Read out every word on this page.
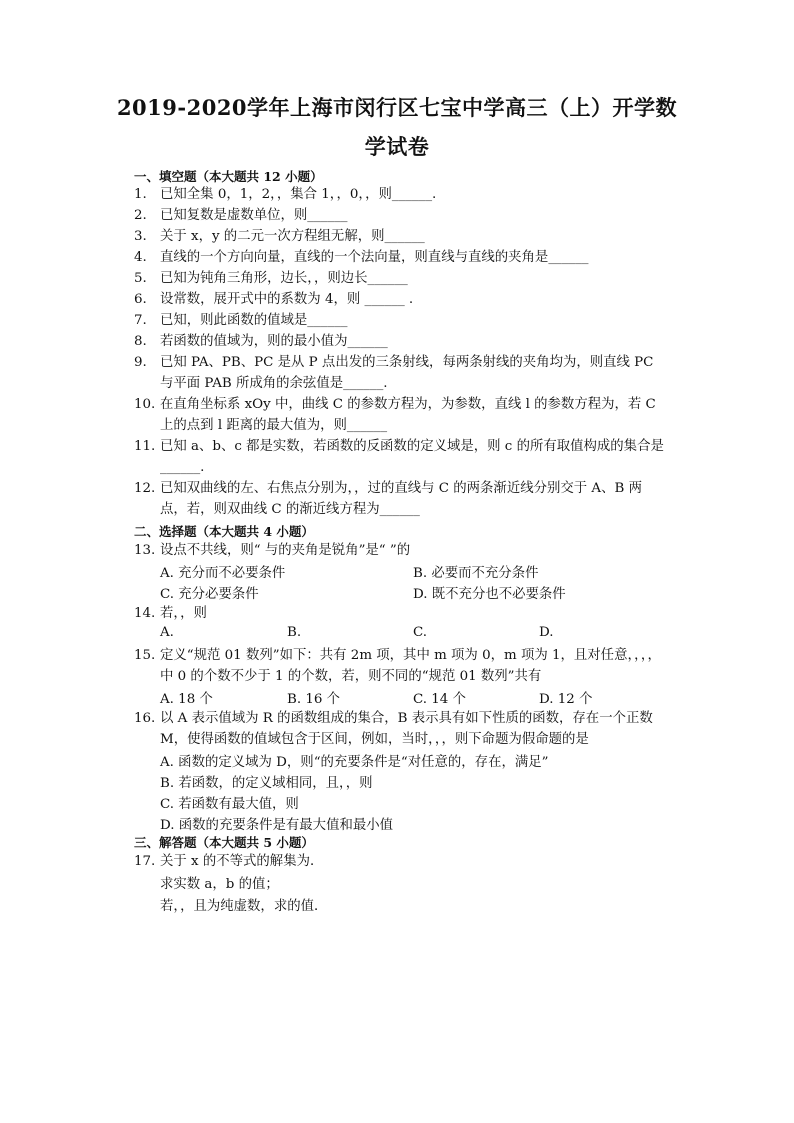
2019-2020学年上海市闵行区七宝中学高三（上）开学数
学试卷
一、填空题（本大题共 12 小题）
1. 已知全集 0，1，2，，集合 1，，0，，则______.
2. 已知复数是虚数单位，则______
3. 关于 x，y 的二元一次方程组无解，则______
4. 直线的一个方向向量，直线的一个法向量，则直线与直线的夹角是______
5. 已知为钝角三角形，边长，，则边长______
6. 设常数，展开式中的系数为 4，则 ______ .
7. 已知，则此函数的值域是______
8. 若函数的值域为，则的最小值为______
9. 已知 PA、PB、PC 是从 P 点出发的三条射线，每两条射线的夹角均为，则直线 PC 与平面 PAB 所成角的余弦值是______.
10. 在直角坐标系 xOy 中，曲线 C 的参数方程为，为参数，直线 l 的参数方程为，若 C 上的点到 l 距离的最大值为，则______
11. 已知 a、b、c 都是实数，若函数的反函数的定义域是，则 c 的所有取值构成的集合是______.
12. 已知双曲线的左、右焦点分别为，，过的直线与 C 的两条渐近线分别交于 A、B 两点，若，则双曲线 C 的渐近线方程为______
二、选择题（本大题共 4 小题）
13. 设点不共线，则“ 与的夹角是锐角”是“ ”的
A. 充分而不必要条件	B. 必要而不充分条件
C. 充分必要条件	D. 既不充分也不必要条件
14. 若，，则
A.	B.	C.	D.
15. 定义“规范 01 数列”如下：共有 2m 项，其中 m 项为 0，m 项为 1，且对任意，，，，中 0 的个数不少于 1 的个数，若，则不同的“规范 01 数列”共有
A. 18 个	B. 16 个	C. 14 个	D. 12 个
16. 以 A 表示值域为 R 的函数组成的集合，B 表示具有如下性质的函数，存在一个正数 M，使得函数的值域包含于区间，例如，当时，，，则下命题为假命题的是
A. 函数的定义域为 D，则“的充要条件是“对任意的，存在，满足”
B. 若函数，的定义域相同，且，，则
C. 若函数有最大值，则
D. 函数的充要条件是有最大值和最小值
三、解答题（本大题共 5 小题）
17. 关于 x 的不等式的解集为．
求实数 a，b 的值；
若，，且为纯虚数，求的值．
